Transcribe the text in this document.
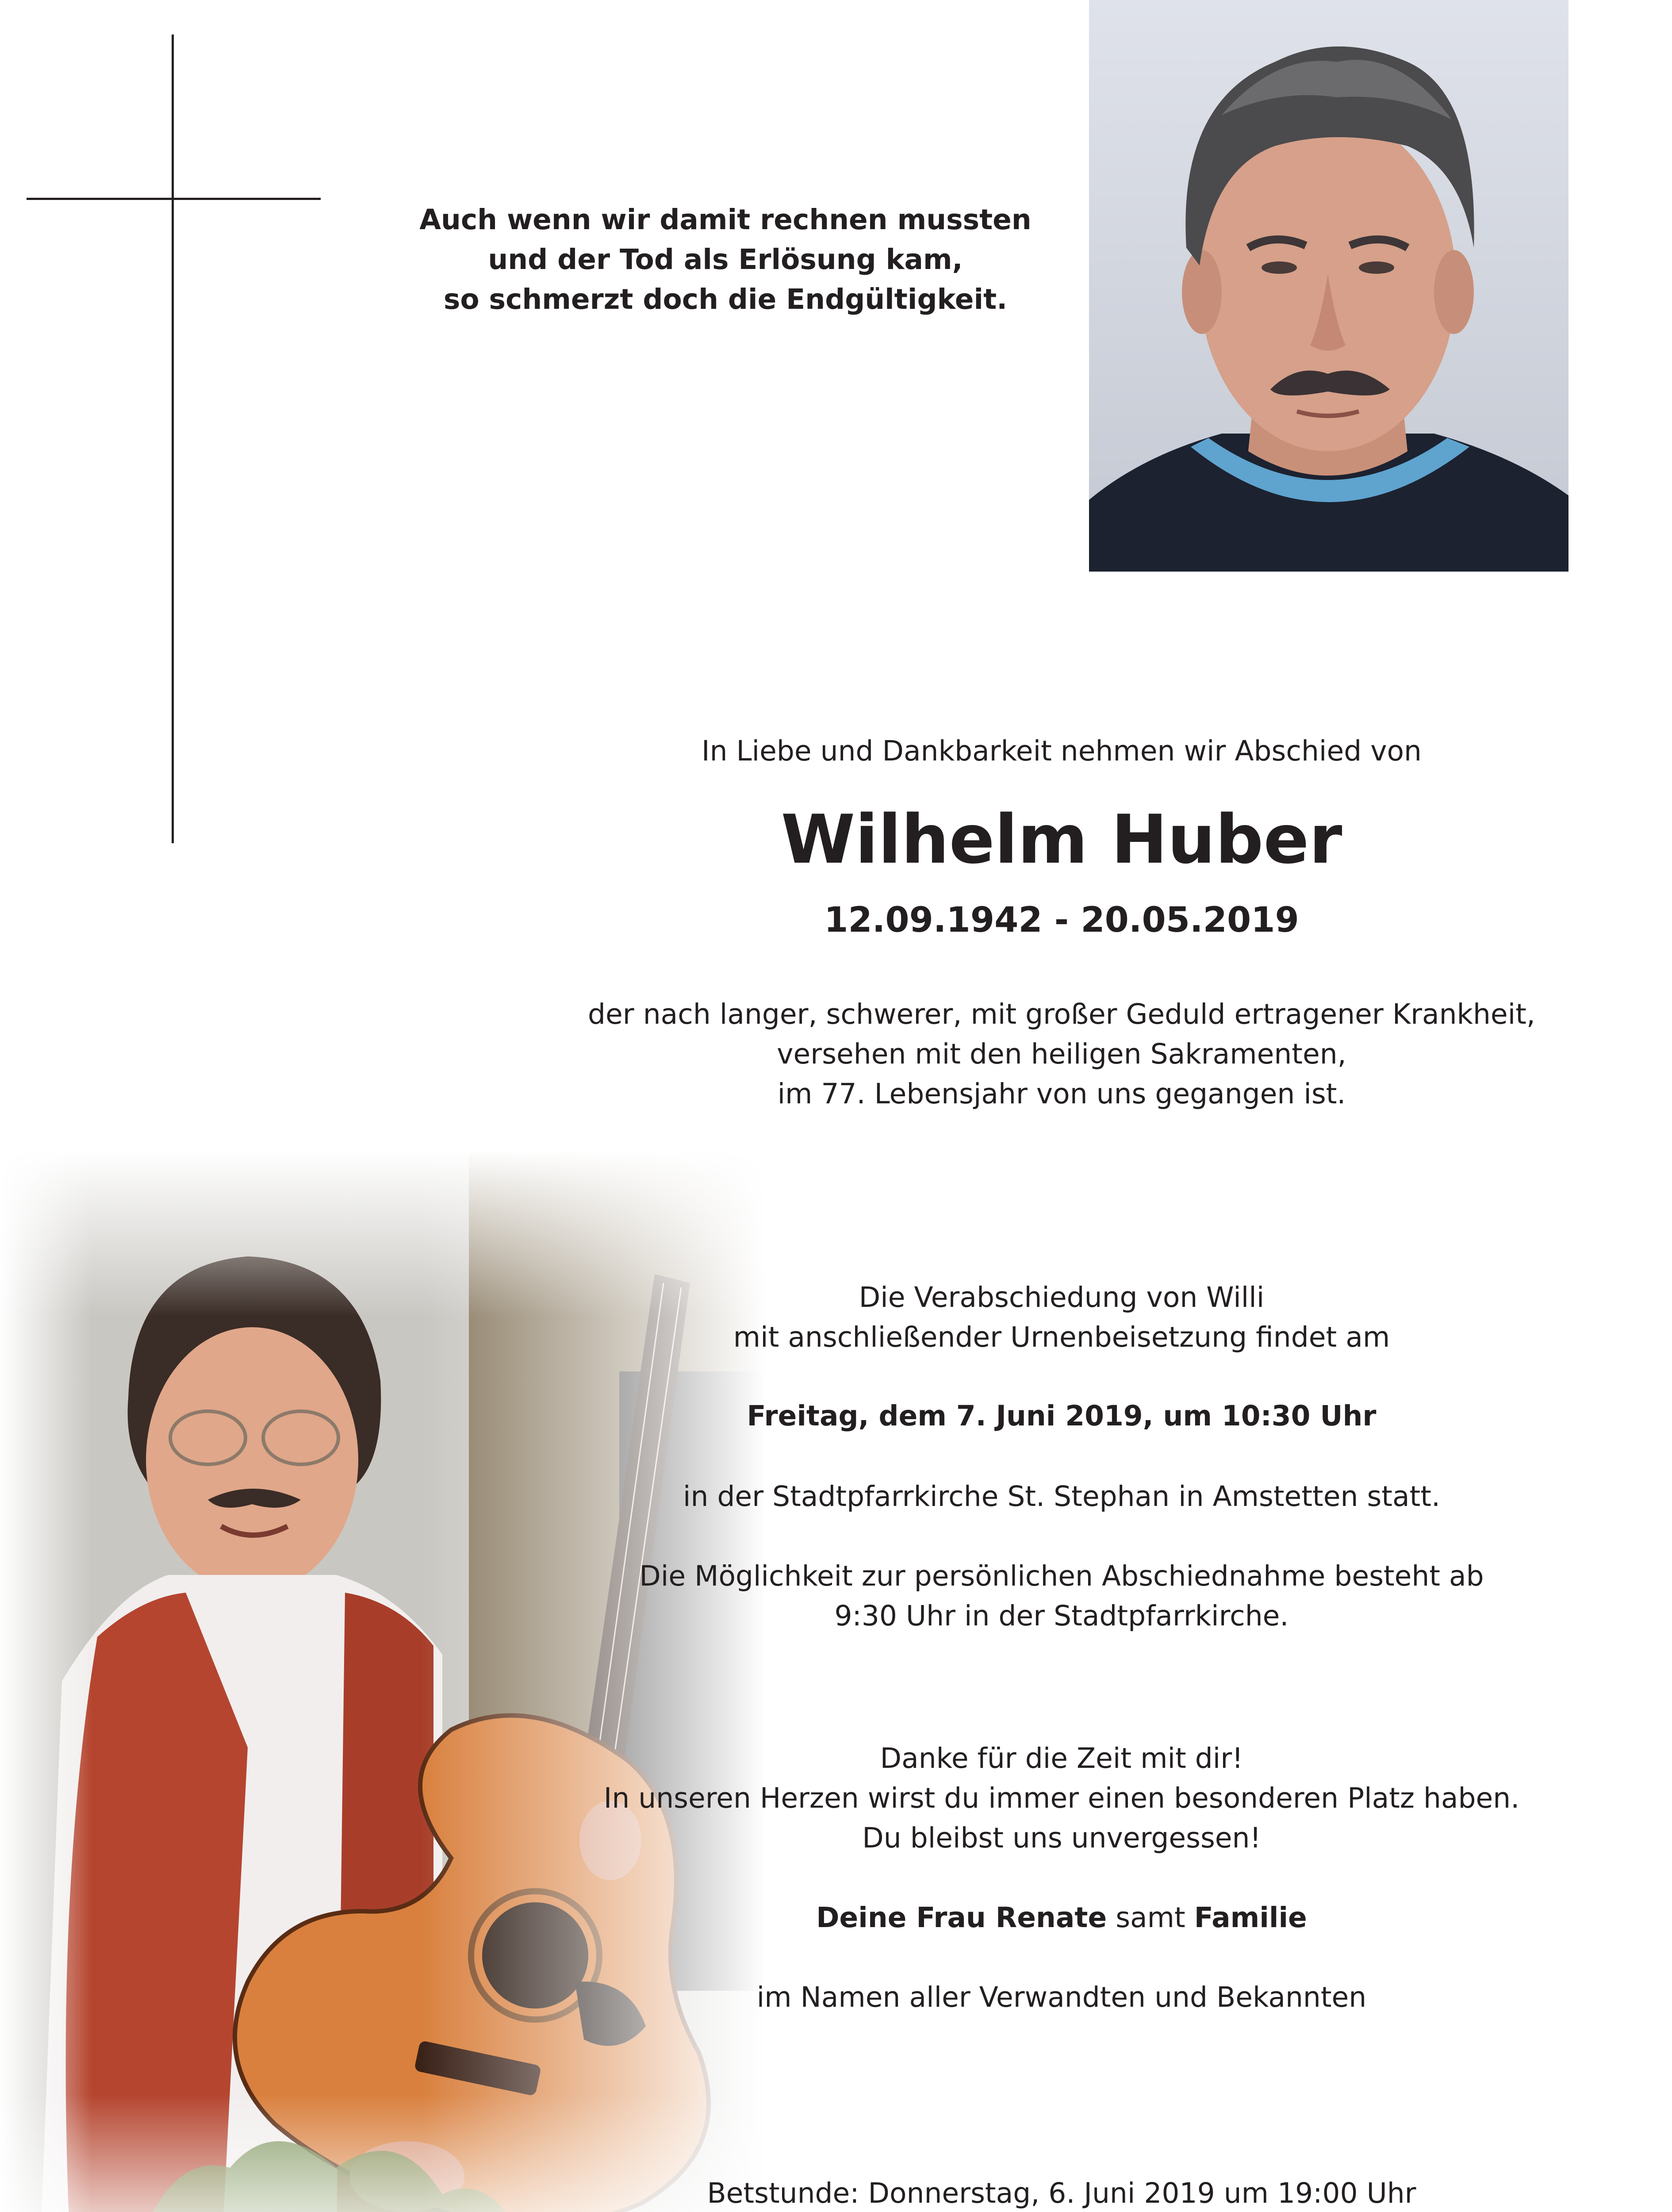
Auch wenn wir damit rechnen mussten
und der Tod als Erlösung kam,
so schmerzt doch die Endgültigkeit.
In Liebe und Dankbarkeit nehmen wir Abschied von
Wilhelm Huber
12.09.1942 - 20.05.2019
der nach langer, schwerer, mit großer Geduld ertragener Krankheit,
versehen mit den heiligen Sakramenten,
im 77. Lebensjahr von uns gegangen ist.
Die Verabschiedung von Willi
mit anschließender Urnenbeisetzung findet am
Freitag, dem 7. Juni 2019, um 10:30 Uhr
in der Stadtpfarrkirche St. Stephan in Amstetten statt.
Die Möglichkeit zur persönlichen Abschiednahme besteht ab
9:30 Uhr in der Stadtpfarrkirche.
Danke für die Zeit mit dir!
In unseren Herzen wirst du immer einen besonderen Platz haben.
Du bleibst uns unvergessen!
Deine Frau Renate samt Familie
im Namen aller Verwandten und Bekannten
Betstunde: Donnerstag, 6. Juni 2019 um 19:00 Uhr
